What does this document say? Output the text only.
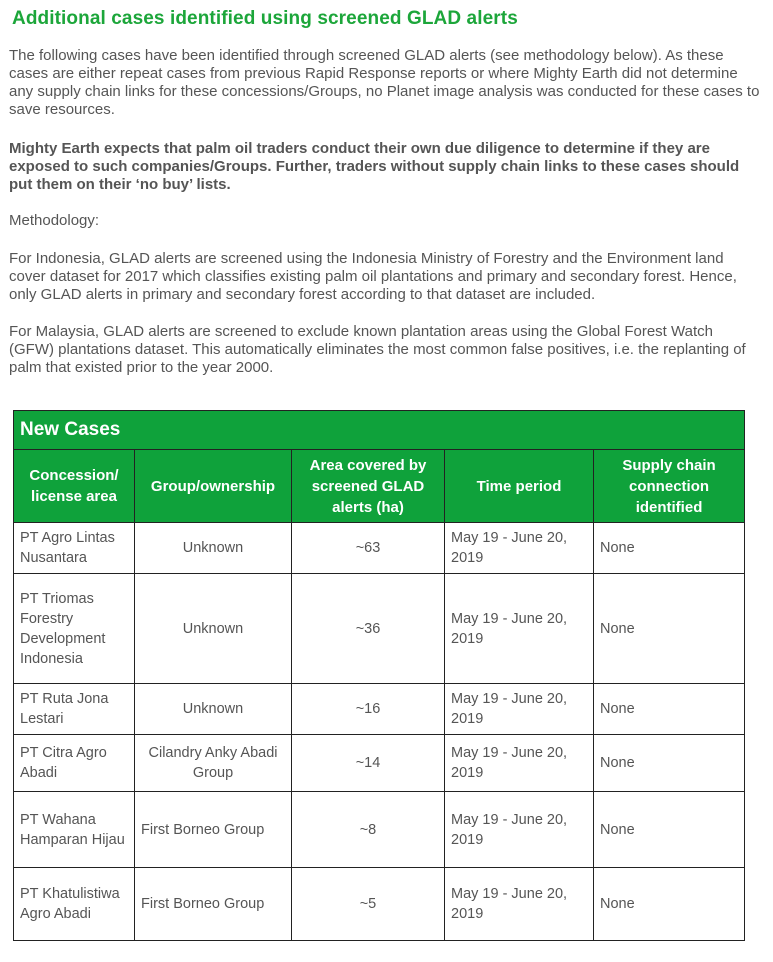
Additional cases identified using screened GLAD alerts

The following cases have been identified through screened GLAD alerts (see methodology below). As these cases are either repeat cases from previous Rapid Response reports or where Mighty Earth did not determine any supply chain links for these concessions/Groups, no Planet image analysis was conducted for these cases to save resources.

Mighty Earth expects that palm oil traders conduct their own due diligence to determine if they are exposed to such companies/Groups. Further, traders without supply chain links to these cases should put them on their ‘no buy’ lists.

Methodology:

For Indonesia, GLAD alerts are screened using the Indonesia Ministry of Forestry and the Environment land cover dataset for 2017 which classifies existing palm oil plantations and primary and secondary forest. Hence, only GLAD alerts in primary and secondary forest according to that dataset are included.

For Malaysia, GLAD alerts are screened to exclude known plantation areas using the Global Forest Watch (GFW) plantations dataset. This automatically eliminates the most common false positives, i.e. the replanting of palm that existed prior to the year 2000.

New Cases				
Concession/ license area	Group/ownership	Area covered by screened GLAD alerts (ha)	Time period	Supply chain connection identified
PT Agro Lintas Nusantara	Unknown	~63	May 19 - June 20, 2019	None
PT Triomas Forestry Development Indonesia	Unknown	~36	May 19 - June 20, 2019	None
PT Ruta Jona Lestari	Unknown	~16	May 19 - June 20, 2019	None
PT Citra Agro Abadi	Cilandry Anky Abadi Group	~14	May 19 - June 20, 2019	None
PT Wahana Hamparan Hijau	First Borneo Group	~8	May 19 - June 20, 2019	None
PT Khatulistiwa Agro Abadi	First Borneo Group	~5	May 19 - June 20, 2019	None
